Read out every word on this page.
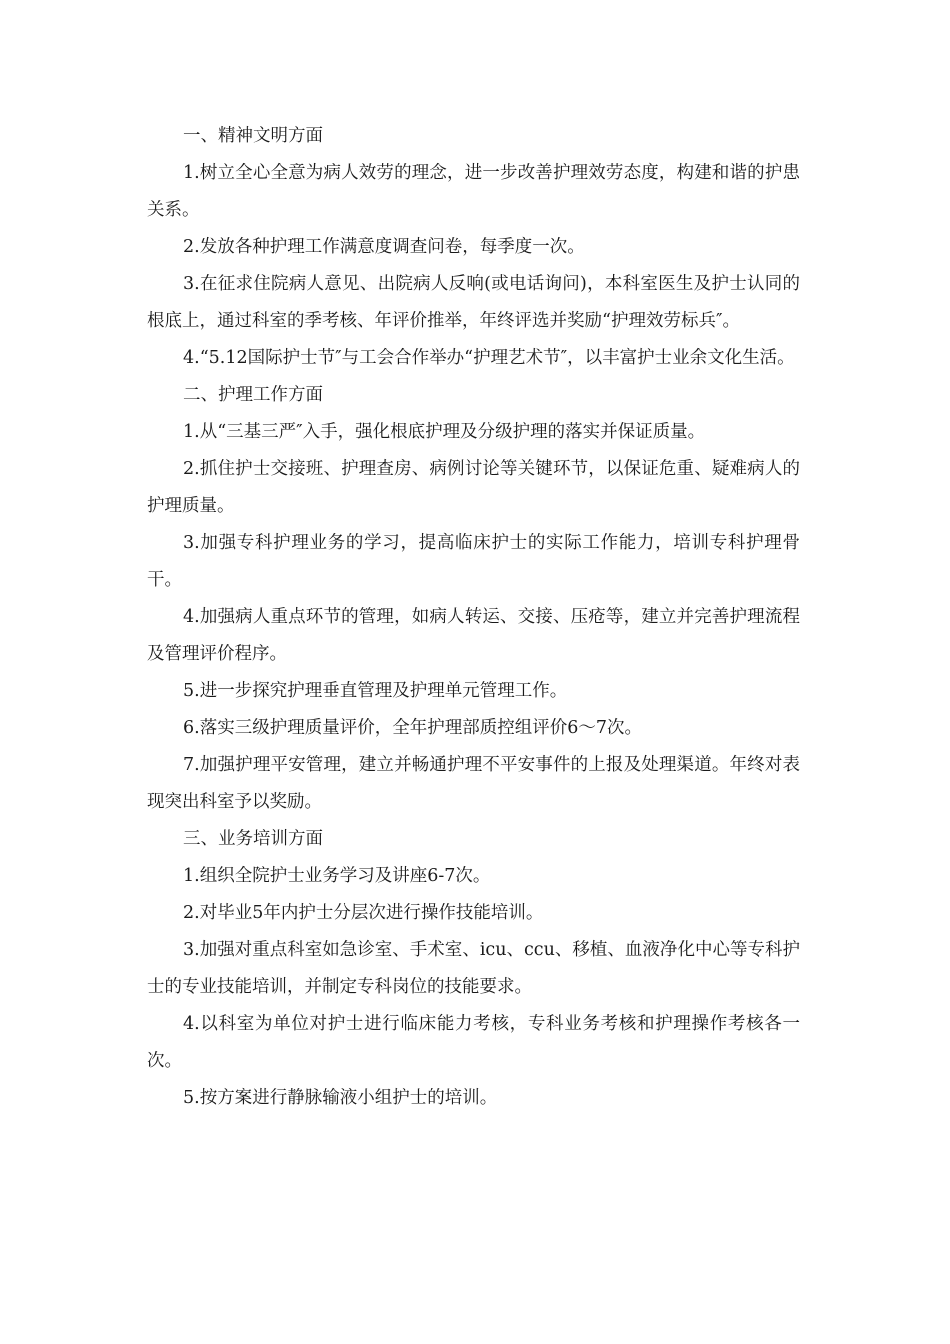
一、精神文明方面

1.树立全心全意为病人效劳的理念，进一步改善护理效劳态度，构建和谐的护患关系。

2.发放各种护理工作满意度调查问卷，每季度一次。

3.在征求住院病人意见、出院病人反响(或电话询问)，本科室医生及护士认同的根底上，通过科室的季考核、年评价推举，年终评选并奖励“护理效劳标兵″。

4.“5.12国际护士节″与工会合作举办“护理艺术节″，以丰富护士业余文化生活。

二、护理工作方面

1.从“三基三严″入手，强化根底护理及分级护理的落实并保证质量。

2.抓住护士交接班、护理查房、病例讨论等关键环节，以保证危重、疑难病人的护理质量。

3.加强专科护理业务的学习，提高临床护士的实际工作能力，培训专科护理骨干。

4.加强病人重点环节的管理，如病人转运、交接、压疮等，建立并完善护理流程及管理评价程序。

5.进一步探究护理垂直管理及护理单元管理工作。

6.落实三级护理质量评价，全年护理部质控组评价6～7次。

7.加强护理平安管理，建立并畅通护理不平安事件的上报及处理渠道。年终对表现突出科室予以奖励。

三、业务培训方面

1.组织全院护士业务学习及讲座6-7次。

2.对毕业5年内护士分层次进行操作技能培训。

3.加强对重点科室如急诊室、手术室、icu、ccu、移植、血液净化中心等专科护士的专业技能培训，并制定专科岗位的技能要求。

4.以科室为单位对护士进行临床能力考核，专科业务考核和护理操作考核各一次。

5.按方案进行静脉输液小组护士的培训。
